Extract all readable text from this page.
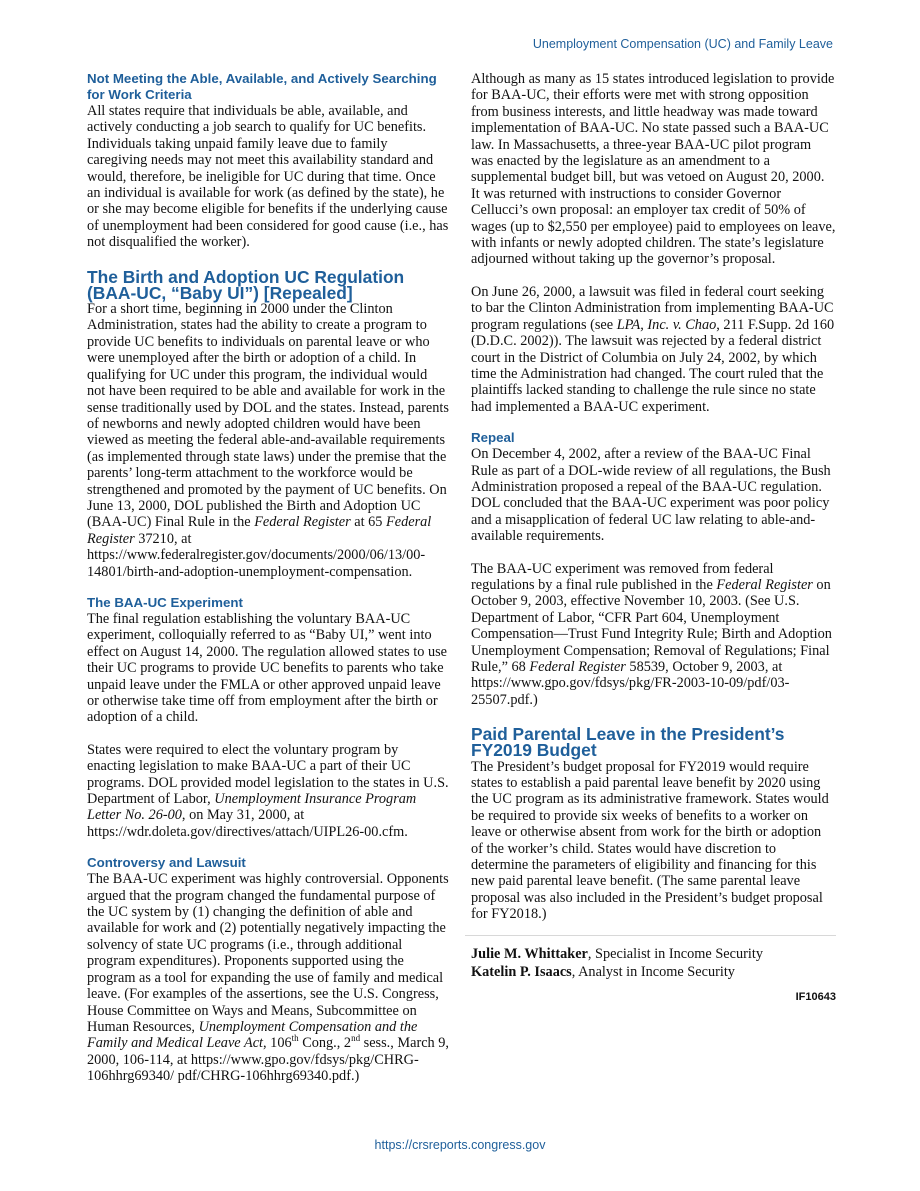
Unemployment Compensation (UC) and Family Leave
Not Meeting the Able, Available, and Actively Searching for Work Criteria

All states require that individuals be able, available, and actively conducting a job search to qualify for UC benefits. Individuals taking unpaid family leave due to family caregiving needs may not meet this availability standard and would, therefore, be ineligible for UC during that time. Once an individual is available for work (as defined by the state), he or she may become eligible for benefits if the underlying cause of unemployment had been considered for good cause (i.e., has not disqualified the worker).

The Birth and Adoption UC Regulation (BAA-UC, “Baby UI”) [Repealed]

For a short time, beginning in 2000 under the Clinton Administration, states had the ability to create a program to provide UC benefits to individuals on parental leave or who were unemployed after the birth or adoption of a child. In qualifying for UC under this program, the individual would not have been required to be able and available for work in the sense traditionally used by DOL and the states. Instead, parents of newborns and newly adopted children would have been viewed as meeting the federal able-and-available requirements (as implemented through state laws) under the premise that the parents’ long-term attachment to the workforce would be strengthened and promoted by the payment of UC benefits. On June 13, 2000, DOL published the Birth and Adoption UC (BAA-UC) Final Rule in the Federal Register at 65 Federal Register 37210, at https://www.federalregister.gov/documents/2000/06/13/00-14801/birth-and-adoption-unemployment-compensation.

The BAA-UC Experiment

The final regulation establishing the voluntary BAA-UC experiment, colloquially referred to as “Baby UI,” went into effect on August 14, 2000. The regulation allowed states to use their UC programs to provide UC benefits to parents who take unpaid leave under the FMLA or other approved unpaid leave or otherwise take time off from employment after the birth or adoption of a child.

States were required to elect the voluntary program by enacting legislation to make BAA-UC a part of their UC programs. DOL provided model legislation to the states in U.S. Department of Labor, Unemployment Insurance Program Letter No. 26-00, on May 31, 2000, at https://wdr.doleta.gov/directives/attach/UIPL26-00.cfm.

Controversy and Lawsuit

The BAA-UC experiment was highly controversial. Opponents argued that the program changed the fundamental purpose of the UC system by (1) changing the definition of able and available for work and (2) potentially negatively impacting the solvency of state UC programs (i.e., through additional program expenditures). Proponents supported using the program as a tool for expanding the use of family and medical leave. (For examples of the assertions, see the U.S. Congress, House Committee on Ways and Means, Subcommittee on Human Resources, Unemployment Compensation and the Family and Medical Leave Act, 106th Cong., 2nd sess., March 9, 2000, 106-114, at https://www.gpo.gov/fdsys/pkg/CHRG-106hhrg69340/ pdf/CHRG-106hhrg69340.pdf.)

Although as many as 15 states introduced legislation to provide for BAA-UC, their efforts were met with strong opposition from business interests, and little headway was made toward implementation of BAA-UC. No state passed such a BAA-UC law. In Massachusetts, a three-year BAA-UC pilot program was enacted by the legislature as an amendment to a supplemental budget bill, but was vetoed on August 20, 2000. It was returned with instructions to consider Governor Cellucci’s own proposal: an employer tax credit of 50% of wages (up to $2,550 per employee) paid to employees on leave, with infants or newly adopted children. The state’s legislature adjourned without taking up the governor’s proposal.

On June 26, 2000, a lawsuit was filed in federal court seeking to bar the Clinton Administration from implementing BAA-UC program regulations (see LPA, Inc. v. Chao, 211 F.Supp. 2d 160 (D.D.C. 2002)). The lawsuit was rejected by a federal district court in the District of Columbia on July 24, 2002, by which time the Administration had changed. The court ruled that the plaintiffs lacked standing to challenge the rule since no state had implemented a BAA-UC experiment.

Repeal

On December 4, 2002, after a review of the BAA-UC Final Rule as part of a DOL-wide review of all regulations, the Bush Administration proposed a repeal of the BAA-UC regulation. DOL concluded that the BAA-UC experiment was poor policy and a misapplication of federal UC law relating to able-and-available requirements.

The BAA-UC experiment was removed from federal regulations by a final rule published in the Federal Register on October 9, 2003, effective November 10, 2003. (See U.S. Department of Labor, “CFR Part 604, Unemployment Compensation—Trust Fund Integrity Rule; Birth and Adoption Unemployment Compensation; Removal of Regulations; Final Rule,” 68 Federal Register 58539, October 9, 2003, at https://www.gpo.gov/fdsys/pkg/FR-2003-10-09/pdf/03-25507.pdf.)

Paid Parental Leave in the President’s FY2019 Budget

The President’s budget proposal for FY2019 would require states to establish a paid parental leave benefit by 2020 using the UC program as its administrative framework. States would be required to provide six weeks of benefits to a worker on leave or otherwise absent from work for the birth or adoption of the worker’s child. States would have discretion to determine the parameters of eligibility and financing for this new paid parental leave benefit. (The same parental leave proposal was also included in the President’s budget proposal for FY2018.)

Julie M. Whittaker, Specialist in Income Security
Katelin P. Isaacs, Analyst in Income Security
IF10643
https://crsreports.congress.gov
